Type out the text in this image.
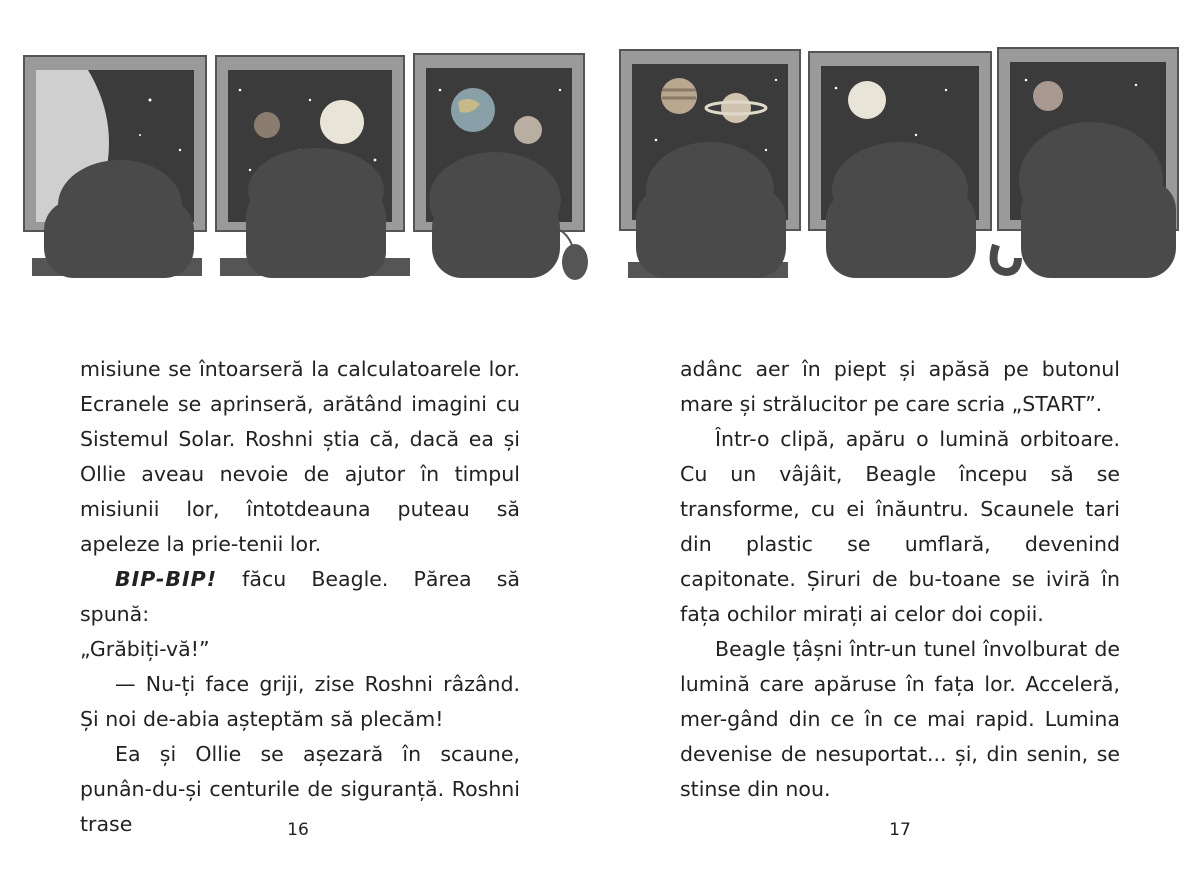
misiune se întoarseră la calculatoarele lor. Ecranele se aprinseră, arătând imagini cu Sistemul Solar. Roshni știa că, dacă ea și Ollie aveau nevoie de ajutor în timpul misiunii lor, întotdeauna puteau să apeleze la prie-tenii lor.

BIP-BIP! făcu Beagle. Părea să spună:

„Grăbiți-vă!”

— Nu-ți face griji, zise Roshni râzând. Și noi de-abia așteptăm să plecăm!

Ea și Ollie se așezară în scaune, punân-du-și centurile de siguranță. Roshni trase	16

adânc aer în piept și apăsă pe butonul mare și strălucitor pe care scria „START”.

Într-o clipă, apăru o lumină orbitoare. Cu un vâjâit, Beagle începu să se transforme, cu ei înăuntru. Scaunele tari din plastic se umflară, devenind capitonate. Șiruri de bu-toane se iviră în fața ochilor mirați ai celor doi copii.

Beagle țâșni într-un tunel învolburat de lumină care apăruse în fața lor. Acceleră, mer-gând din ce în ce mai rapid. Lumina devenise de nesuportat... și, din senin, se stinse din nou.

17
